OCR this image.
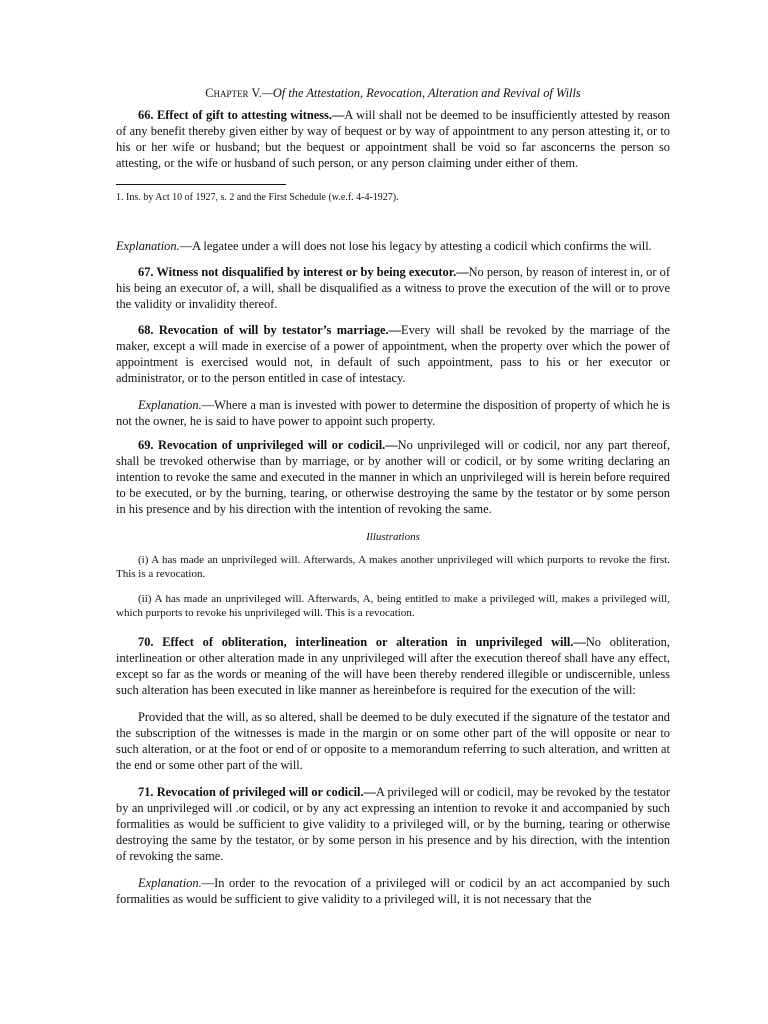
Chapter V.—Of the Attestation, Revocation, Alteration and Revival of Wills

66. Effect of gift to attesting witness.—A will shall not be deemed to be insufficiently attested by reason of any benefit thereby given either by way of bequest or by way of appointment to any person attesting it, or to his or her wife or husband; but the bequest or appointment shall be void so far asconcerns the person so attesting, or the wife or husband of such person, or any person claiming under either of them.

1. Ins. by Act 10 of 1927, s. 2 and the First Schedule (w.e.f. 4-4-1927).

Explanation.—A legatee under a will does not lose his legacy by attesting a codicil which confirms the will.

67. Witness not disqualified by interest or by being executor.—No person, by reason of interest in, or of his being an executor of, a will, shall be disqualified as a witness to prove the execution of the will or to prove the validity or invalidity thereof.

68. Revocation of will by testator’s marriage.—Every will shall be revoked by the marriage of the maker, except a will made in exercise of a power of appointment, when the property over which the power of appointment is exercised would not, in default of such appointment, pass to his or her executor or administrator, or to the person entitled in case of intestacy.

Explanation.—Where a man is invested with power to determine the disposition of property of which he is not the owner, he is said to have power to appoint such property.

69. Revocation of unprivileged will or codicil.—No unprivileged will or codicil, nor any part thereof, shall be trevoked otherwise than by marriage, or by another will or codicil, or by some writing declaring an intention to revoke the same and executed in the manner in which an unprivileged will is herein before required to be executed, or by the burning, tearing, or otherwise destroying the same by the testator or by some person in his presence and by his direction with the intention of revoking the same.

Illustrations

(i) A has made an unprivileged will. Afterwards, A makes another unprivileged will which purports to revoke the first. This is a revocation.

(ii) A has made an unprivileged will. Afterwards, A, being entitled to make a privileged will, makes a privileged will, which purports to revoke his unprivileged will. This is a revocation.

70. Effect of obliteration, interlineation or alteration in unprivileged will.—No obliteration, interlineation or other alteration made in any unprivileged will after the execution thereof shall have any effect, except so far as the words or meaning of the will have been thereby rendered illegible or undiscernible, unless such alteration has been executed in like manner as hereinbefore is required for the execution of the will:

Provided that the will, as so altered, shall be deemed to be duly executed if the signature of the testator and the subscription of the witnesses is made in the margin or on some other part of the will opposite or near to such alteration, or at the foot or end of or opposite to a memorandum referring to such alteration, and written at the end or some other part of the will.

71. Revocation of privileged will or codicil.—A privileged will or codicil, may be revoked by the testator by an unprivileged will .or codicil, or by any act expressing an intention to revoke it and accompanied by such formalities as would be sufficient to give validity to a privileged will, or by the burning, tearing or otherwise destroying the same by the testator, or by some person in his presence and by his direction, with the intention of revoking the same.

Explanation.—In order to the revocation of a privileged will or codicil by an act accompanied by such formalities as would be sufficient to give validity to a privileged will, it is not necessary that the
